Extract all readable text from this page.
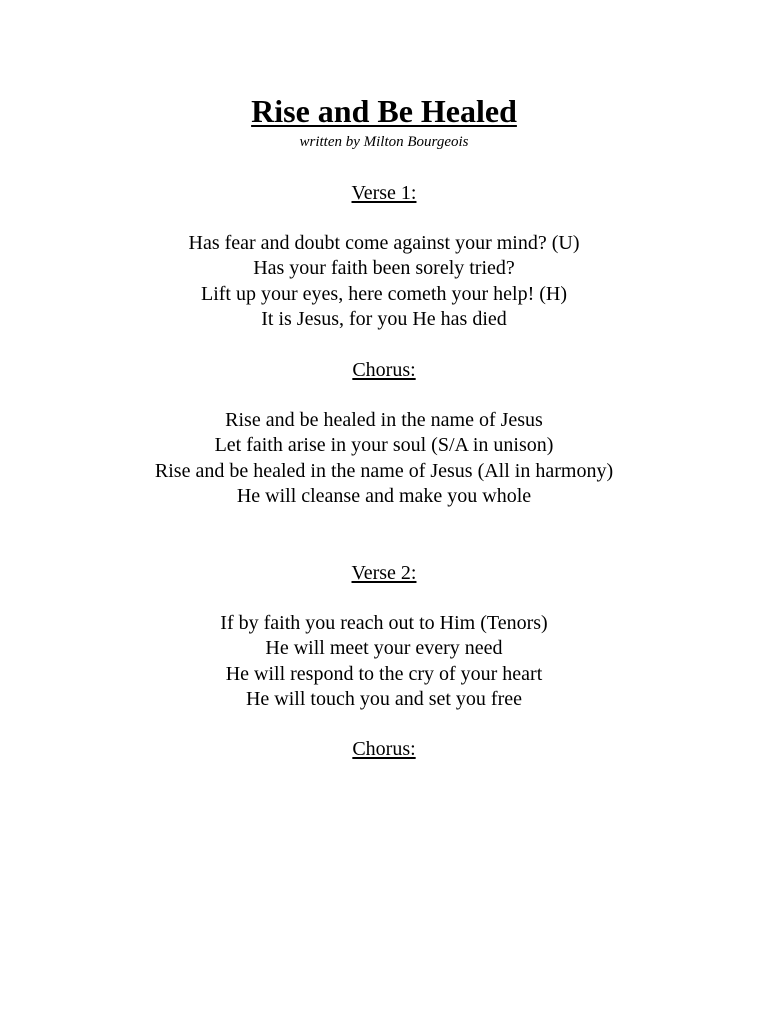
Rise and Be Healed
written by Milton Bourgeois
Verse 1:
Has fear and doubt come against your mind? (U)
Has your faith been sorely tried?
Lift up your eyes, here cometh your help! (H)
It is Jesus, for you He has died
Chorus:
Rise and be healed in the name of Jesus
Let faith arise in your soul (S/A in unison)
Rise and be healed in the name of Jesus (All in harmony)
He will cleanse and make you whole
Verse 2:
If by faith you reach out to Him (Tenors)
He will meet your every need
He will respond to the cry of your heart
He will touch you and set you free
Chorus:
